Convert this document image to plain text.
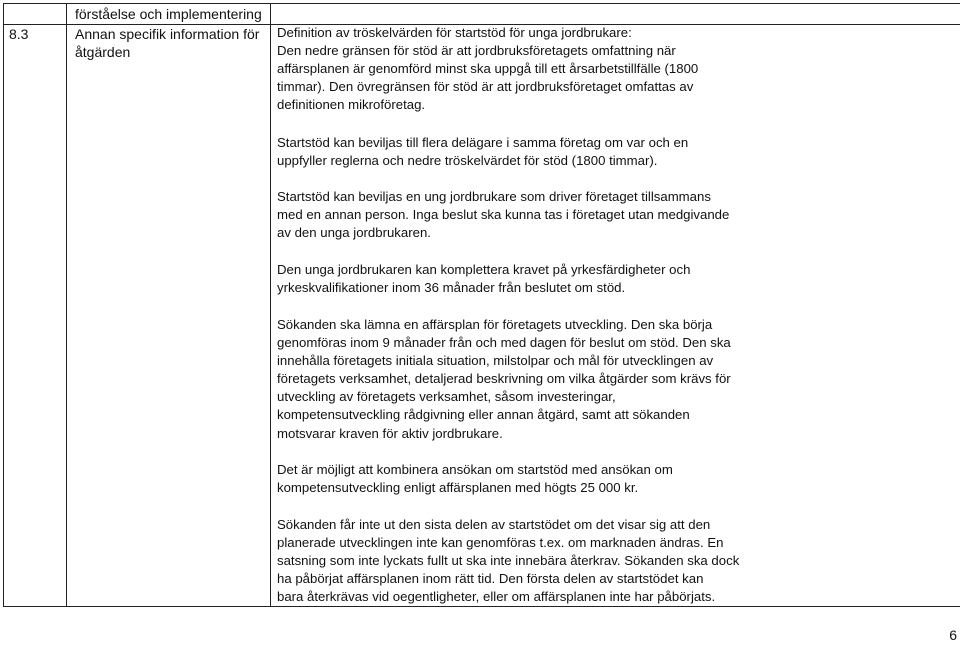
förståelse och implementering
8.3	Annan specifik information för
åtgärden
Definition av tröskelvärden för startstöd för unga jordbrukare:
Den nedre gränsen för stöd är att jordbruksföretagets omfattning när
affärsplanen är genomförd minst ska uppgå till ett årsarbetstillfälle (1800
timmar). Den övregränsen för stöd är att jordbruksföretaget omfattas av
definitionen mikroföretag.
Startstöd kan beviljas till flera delägare i samma företag om var och en
uppfyller reglerna och nedre tröskelvärdet för stöd (1800 timmar).
Startstöd kan beviljas en ung jordbrukare som driver företaget tillsammans
med en annan person. Inga beslut ska kunna tas i företaget utan medgivande
av den unga jordbrukaren.
Den unga jordbrukaren kan komplettera kravet på yrkesfärdigheter och
yrkeskvalifikationer inom 36 månader från beslutet om stöd.
Sökanden ska lämna en affärsplan för företagets utveckling. Den ska börja
genomföras inom 9 månader från och med dagen för beslut om stöd. Den ska
innehålla företagets initiala situation, milstolpar och mål för utvecklingen av
företagets verksamhet, detaljerad beskrivning om vilka åtgärder som krävs för
utveckling av företagets verksamhet, såsom investeringar,
kompetensutveckling rådgivning eller annan åtgärd, samt att sökanden
motsvarar kraven för aktiv jordbrukare.
Det är möjligt att kombinera ansökan om startstöd med ansökan om
kompetensutveckling enligt affärsplanen med högts 25 000 kr.
Sökanden får inte ut den sista delen av startstödet om det visar sig att den
planerade utvecklingen inte kan genomföras t.ex. om marknaden ändras. En
satsning som inte lyckats fullt ut ska inte innebära återkrav. Sökanden ska dock
ha påbörjat affärsplanen inom rätt tid. Den första delen av startstödet kan
bara återkrävas vid oegentligheter, eller om affärsplanen inte har påbörjats.
6
